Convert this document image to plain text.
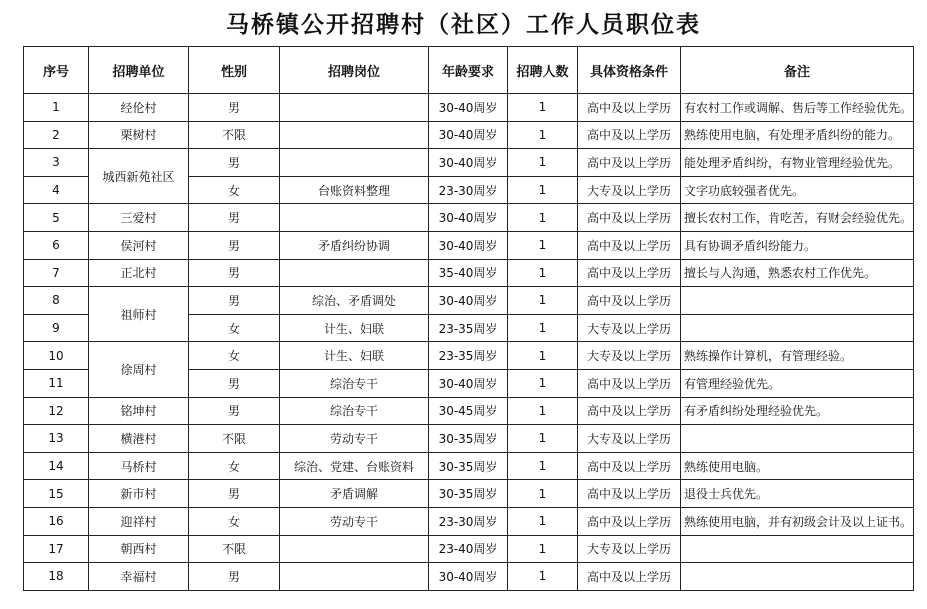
马桥镇公开招聘村（社区）工作人员职位表
序号	招聘单位	性别	招聘岗位	年龄要求	招聘人数	具体资格条件	备注
1	经伦村	男		30-40周岁	1	高中及以上学历	有农村工作或调解、售后等工作经验优先。
2	栗树村	不限		30-40周岁	1	高中及以上学历	熟练使用电脑，有处理矛盾纠纷的能力。
3	城西新苑社区	男		30-40周岁	1	高中及以上学历	能处理矛盾纠纷，有物业管理经验优先。
4		女	台账资料整理	23-30周岁	1	大专及以上学历	文字功底较强者优先。
5	三爱村	男		30-40周岁	1	高中及以上学历	擅长农村工作，肯吃苦，有财会经验优先。
6	侯河村	男	矛盾纠纷协调	30-40周岁	1	高中及以上学历	具有协调矛盾纠纷能力。
7	正北村	男		35-40周岁	1	高中及以上学历	擅长与人沟通，熟悉农村工作优先。
8	祖师村	男	综治、矛盾调处	30-40周岁	1	高中及以上学历	
9		女	计生、妇联	23-35周岁	1	大专及以上学历	
10	徐周村	女	计生、妇联	23-35周岁	1	大专及以上学历	熟练操作计算机，有管理经验。
11		男	综治专干	30-40周岁	1	高中及以上学历	有管理经验优先。
12	铭坤村	男	综治专干	30-45周岁	1	高中及以上学历	有矛盾纠纷处理经验优先。
13	横港村	不限	劳动专干	30-35周岁	1	大专及以上学历	
14	马桥村	女	综治、党建、台账资料	30-35周岁	1	高中及以上学历	熟练使用电脑。
15	新市村	男	矛盾调解	30-35周岁	1	高中及以上学历	退役士兵优先。
16	迎祥村	女	劳动专干	23-30周岁	1	高中及以上学历	熟练使用电脑，并有初级会计及以上证书。
17	朝西村	不限		23-40周岁	1	大专及以上学历	
18	幸福村	男		30-40周岁	1	高中及以上学历	
